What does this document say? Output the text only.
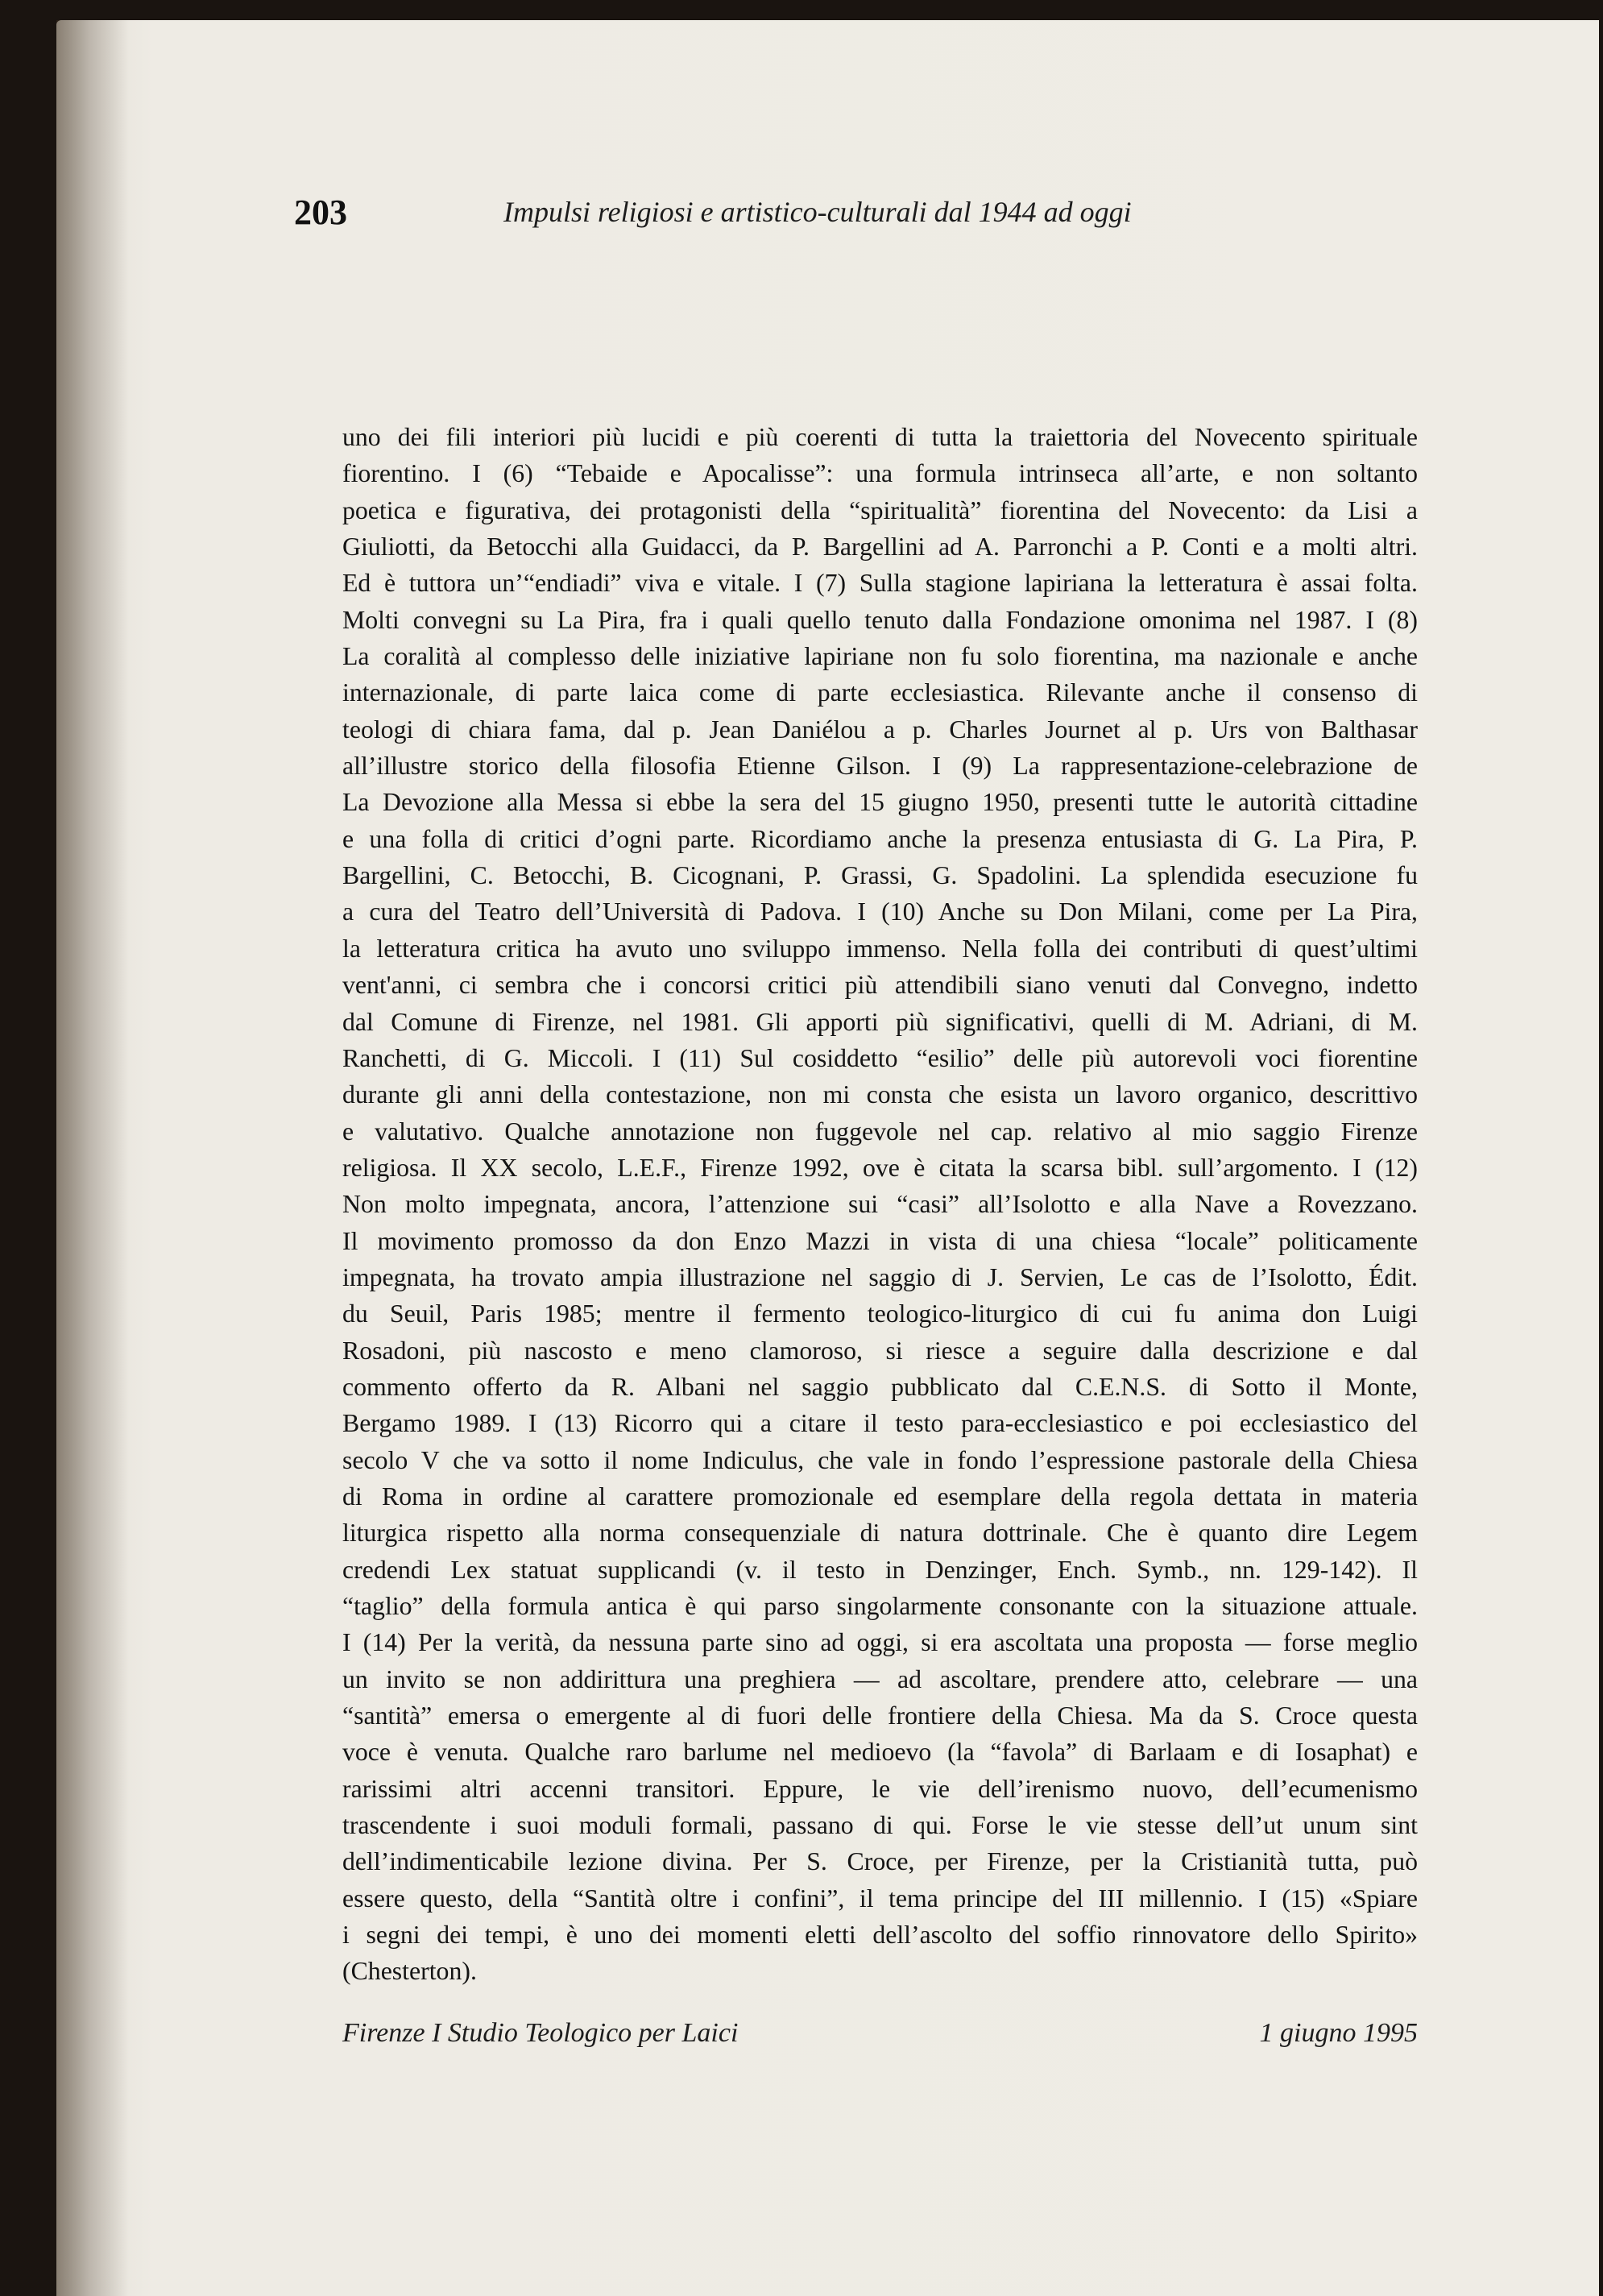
203	Impulsi religiosi e artistico-culturali dal 1944 ad oggi
uno dei fili interiori più lucidi e più coerenti di tutta la traiettoria del Novecento spirituale
fiorentino. I (6) “Tebaide e Apocalisse”: una formula intrinseca all’arte, e non soltanto
poetica e figurativa, dei protagonisti della “spiritualità” fiorentina del Novecento: da Lisi a
Giuliotti, da Betocchi alla Guidacci, da P. Bargellini ad A. Parronchi a P. Conti e a molti altri.
Ed è tuttora un’“endiadi” viva e vitale. I (7) Sulla stagione lapiriana la letteratura è assai folta.
Molti convegni su La Pira, fra i quali quello tenuto dalla Fondazione omonima nel 1987. I (8)
La coralità al complesso delle iniziative lapiriane non fu solo fiorentina, ma nazionale e anche
internazionale, di parte laica come di parte ecclesiastica. Rilevante anche il consenso di
teologi di chiara fama, dal p. Jean Daniélou a p. Charles Journet al p. Urs von Balthasar
all’illustre storico della filosofia Etienne Gilson. I (9) La rappresentazione-celebrazione de
La Devozione alla Messa si ebbe la sera del 15 giugno 1950, presenti tutte le autorità cittadine
e una folla di critici d’ogni parte. Ricordiamo anche la presenza entusiasta di G. La Pira, P.
Bargellini, C. Betocchi, B. Cicognani, P. Grassi, G. Spadolini. La splendida esecuzione fu
a cura del Teatro dell’Università di Padova. I (10) Anche su Don Milani, come per La Pira,
la letteratura critica ha avuto uno sviluppo immenso. Nella folla dei contributi di quest’ultimi
vent'anni, ci sembra che i concorsi critici più attendibili siano venuti dal Convegno, indetto
dal Comune di Firenze, nel 1981. Gli apporti più significativi, quelli di M. Adriani, di M.
Ranchetti, di G. Miccoli. I (11) Sul cosiddetto “esilio” delle più autorevoli voci fiorentine
durante gli anni della contestazione, non mi consta che esista un lavoro organico, descrittivo
e valutativo. Qualche annotazione non fuggevole nel cap. relativo al mio saggio Firenze
religiosa. Il XX secolo, L.E.F., Firenze 1992, ove è citata la scarsa bibl. sull’argomento. I (12)
Non molto impegnata, ancora, l’attenzione sui “casi” all’Isolotto e alla Nave a Rovezzano.
Il movimento promosso da don Enzo Mazzi in vista di una chiesa “locale” politicamente
impegnata, ha trovato ampia illustrazione nel saggio di J. Servien, Le cas de l’Isolotto, Édit.
du Seuil, Paris 1985; mentre il fermento teologico-liturgico di cui fu anima don Luigi
Rosadoni, più nascosto e meno clamoroso, si riesce a seguire dalla descrizione e dal
commento offerto da R. Albani nel saggio pubblicato dal C.E.N.S. di Sotto il Monte,
Bergamo 1989. I (13) Ricorro qui a citare il testo para-ecclesiastico e poi ecclesiastico del
secolo V che va sotto il nome Indiculus, che vale in fondo l’espressione pastorale della Chiesa
di Roma in ordine al carattere promozionale ed esemplare della regola dettata in materia
liturgica rispetto alla norma consequenziale di natura dottrinale. Che è quanto dire Legem
credendi Lex statuat supplicandi (v. il testo in Denzinger, Ench. Symb., nn. 129-142). Il
“taglio” della formula antica è qui parso singolarmente consonante con la situazione attuale.
I (14) Per la verità, da nessuna parte sino ad oggi, si era ascoltata una proposta — forse meglio
un invito se non addirittura una preghiera — ad ascoltare, prendere atto, celebrare — una
“santità” emersa o emergente al di fuori delle frontiere della Chiesa. Ma da S. Croce questa
voce è venuta. Qualche raro barlume nel medioevo (la “favola” di Barlaam e di Iosaphat) e
rarissimi altri accenni transitori. Eppure, le vie dell’irenismo nuovo, dell’ecumenismo
trascendente i suoi moduli formali, passano di qui. Forse le vie stesse dell’ut unum sint
dell’indimenticabile lezione divina. Per S. Croce, per Firenze, per la Cristianità tutta, può
essere questo, della “Santità oltre i confini”, il tema principe del III millennio. I (15) «Spiare
i segni dei tempi, è uno dei momenti eletti dell’ascolto del soffio rinnovatore dello Spirito»
(Chesterton).
Firenze I Studio Teologico per Laici	1 giugno 1995
